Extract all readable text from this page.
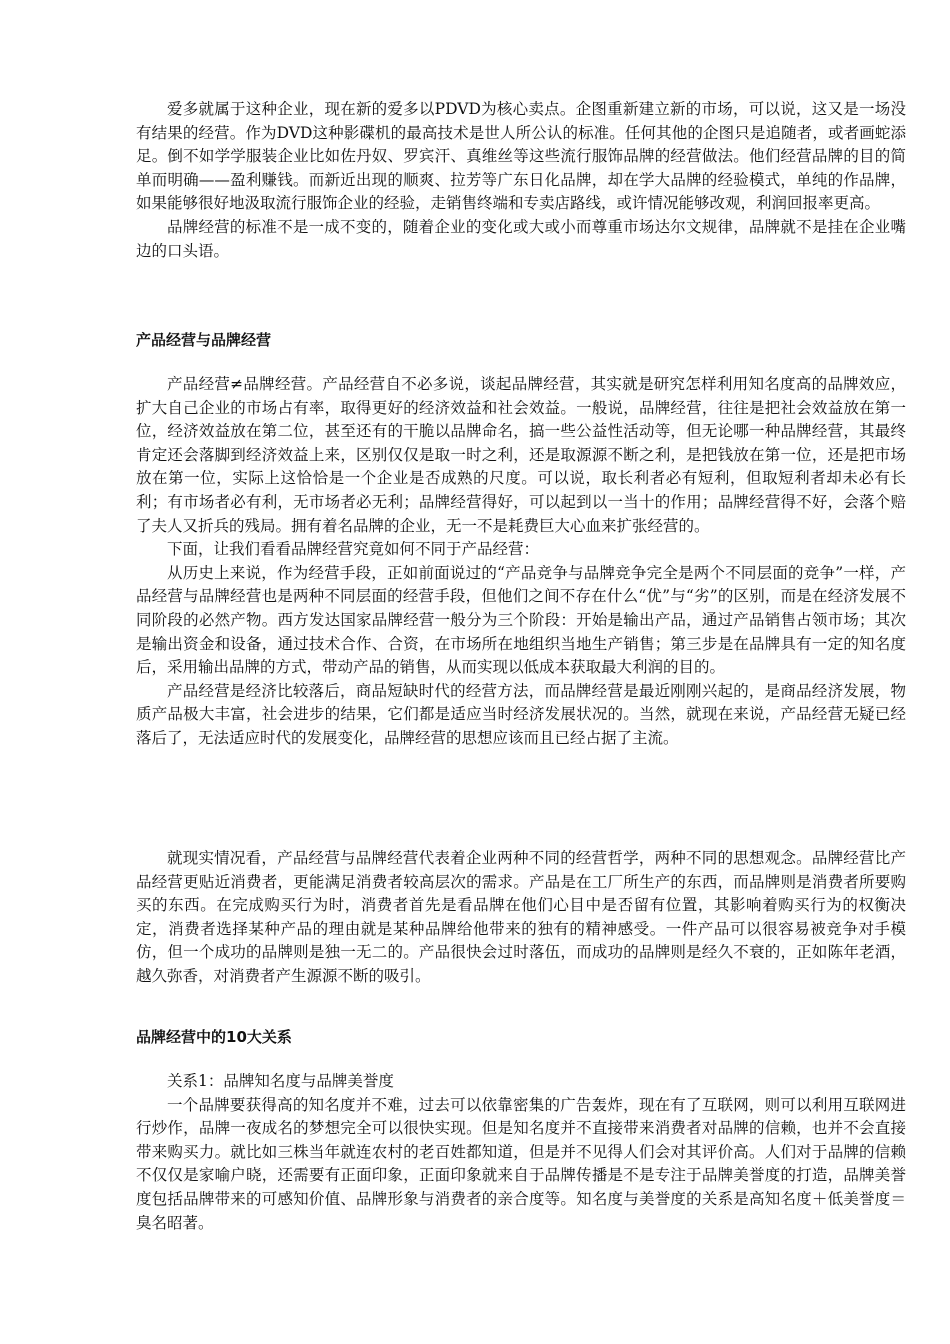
爱多就属于这种企业，现在新的爱多以PDVD为核心卖点。企图重新建立新的市场，可以说，这又是一场没有结果的经营。作为DVD这种影碟机的最高技术是世人所公认的标准。任何其他的企图只是追随者，或者画蛇添足。倒不如学学服装企业比如佐丹奴、罗宾汗、真维丝等这些流行服饰品牌的经营做法。他们经营品牌的目的简单而明确——盈利赚钱。而新近出现的顺爽、拉芳等广东日化品牌，却在学大品牌的经验模式，单纯的作品牌，如果能够很好地汲取流行服饰企业的经验，走销售终端和专卖店路线，或许情况能够改观，利润回报率更高。

品牌经营的标准不是一成不变的，随着企业的变化或大或小而尊重市场达尔文规律，品牌就不是挂在企业嘴边的口头语。

产品经营与品牌经营

产品经营≠品牌经营。产品经营自不必多说，谈起品牌经营，其实就是研究怎样利用知名度高的品牌效应，扩大自己企业的市场占有率，取得更好的经济效益和社会效益。一般说，品牌经营，往往是把社会效益放在第一位，经济效益放在第二位，甚至还有的干脆以品牌命名，搞一些公益性活动等，但无论哪一种品牌经营，其最终肯定还会落脚到经济效益上来，区别仅仅是取一时之利，还是取源源不断之利，是把钱放在第一位，还是把市场放在第一位，实际上这恰恰是一个企业是否成熟的尺度。可以说，取长利者必有短利，但取短利者却未必有长利；有市场者必有利，无市场者必无利；品牌经营得好，可以起到以一当十的作用；品牌经营得不好，会落个赔了夫人又折兵的残局。拥有着名品牌的企业，无一不是耗费巨大心血来扩张经营的。

下面，让我们看看品牌经营究竟如何不同于产品经营：

从历史上来说，作为经营手段，正如前面说过的“产品竞争与品牌竞争完全是两个不同层面的竞争”一样，产品经营与品牌经营也是两种不同层面的经营手段，但他们之间不存在什么“优”与“劣”的区别，而是在经济发展不同阶段的必然产物。西方发达国家品牌经营一般分为三个阶段：开始是输出产品，通过产品销售占领市场；其次是输出资金和设备，通过技术合作、合资，在市场所在地组织当地生产销售；第三步是在品牌具有一定的知名度后，采用输出品牌的方式，带动产品的销售，从而实现以低成本获取最大利润的目的。

产品经营是经济比较落后，商品短缺时代的经营方法，而品牌经营是最近刚刚兴起的，是商品经济发展，物质产品极大丰富，社会进步的结果，它们都是适应当时经济发展状况的。当然，就现在来说，产品经营无疑已经落后了，无法适应时代的发展变化，品牌经营的思想应该而且已经占据了主流。

就现实情况看，产品经营与品牌经营代表着企业两种不同的经营哲学，两种不同的思想观念。品牌经营比产品经营更贴近消费者，更能满足消费者较高层次的需求。产品是在工厂所生产的东西，而品牌则是消费者所要购买的东西。在完成购买行为时，消费者首先是看品牌在他们心目中是否留有位置，其影响着购买行为的权衡决定，消费者选择某种产品的理由就是某种品牌给他带来的独有的精神感受。一件产品可以很容易被竞争对手模仿，但一个成功的品牌则是独一无二的。产品很快会过时落伍，而成功的品牌则是经久不衰的，正如陈年老酒，越久弥香，对消费者产生源源不断的吸引。

品牌经营中的10大关系

关系1：品牌知名度与品牌美誉度

一个品牌要获得高的知名度并不难，过去可以依靠密集的广告轰炸，现在有了互联网，则可以利用互联网进行炒作，品牌一夜成名的梦想完全可以很快实现。但是知名度并不直接带来消费者对品牌的信赖，也并不会直接带来购买力。就比如三株当年就连农村的老百姓都知道，但是并不见得人们会对其评价高。人们对于品牌的信赖不仅仅是家喻户晓，还需要有正面印象，正面印象就来自于品牌传播是不是专注于品牌美誉度的打造，品牌美誉度包括品牌带来的可感知价值、品牌形象与消费者的亲合度等。知名度与美誉度的关系是高知名度＋低美誉度＝臭名昭著。
